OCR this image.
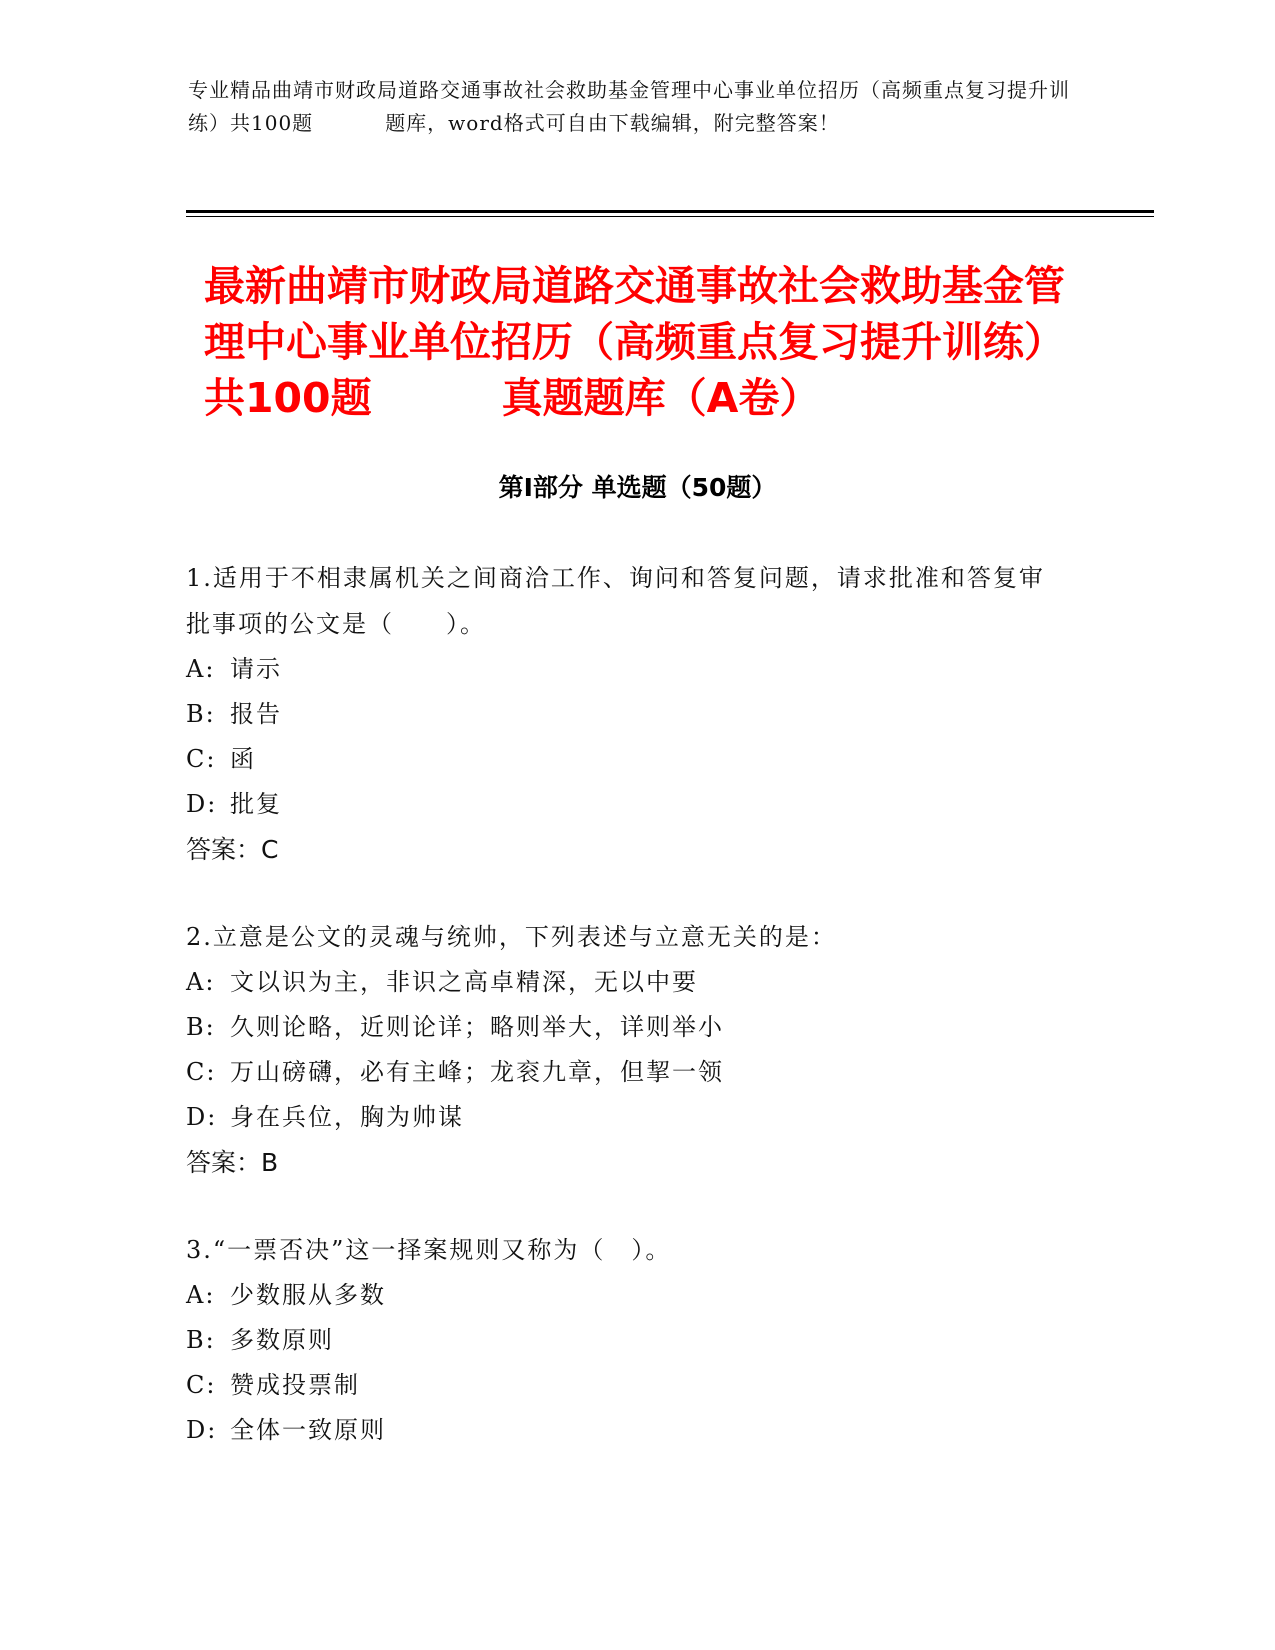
专业精品曲靖市财政局道路交通事故社会救助基金管理中心事业单位招历（高频重点复习提升训练）共100题	题库，word格式可自由下载编辑，附完整答案！
最新曲靖市财政局道路交通事故社会救助基金管理中心事业单位招历（高频重点复习提升训练）共100题	真题题库（A卷）
第Ⅰ部分 单选题（50题）

1.适用于不相隶属机关之间商洽工作、询问和答复问题，请求批准和答复审批事项的公文是（　　）。

A: 请示

B: 报告

C: 函

D: 批复

答案：C

2.立意是公文的灵魂与统帅，下列表述与立意无关的是：

A: 文以识为主，非识之高卓精深，无以中要

B: 久则论略，近则论详；略则举大，详则举小

C: 万山磅礴，必有主峰；龙衮九章，但挈一领

D: 身在兵位，胸为帅谋

答案：B

3.“一票否决”这一择案规则又称为（　）。

A: 少数服从多数

B: 多数原则

C: 赞成投票制

D: 全体一致原则
